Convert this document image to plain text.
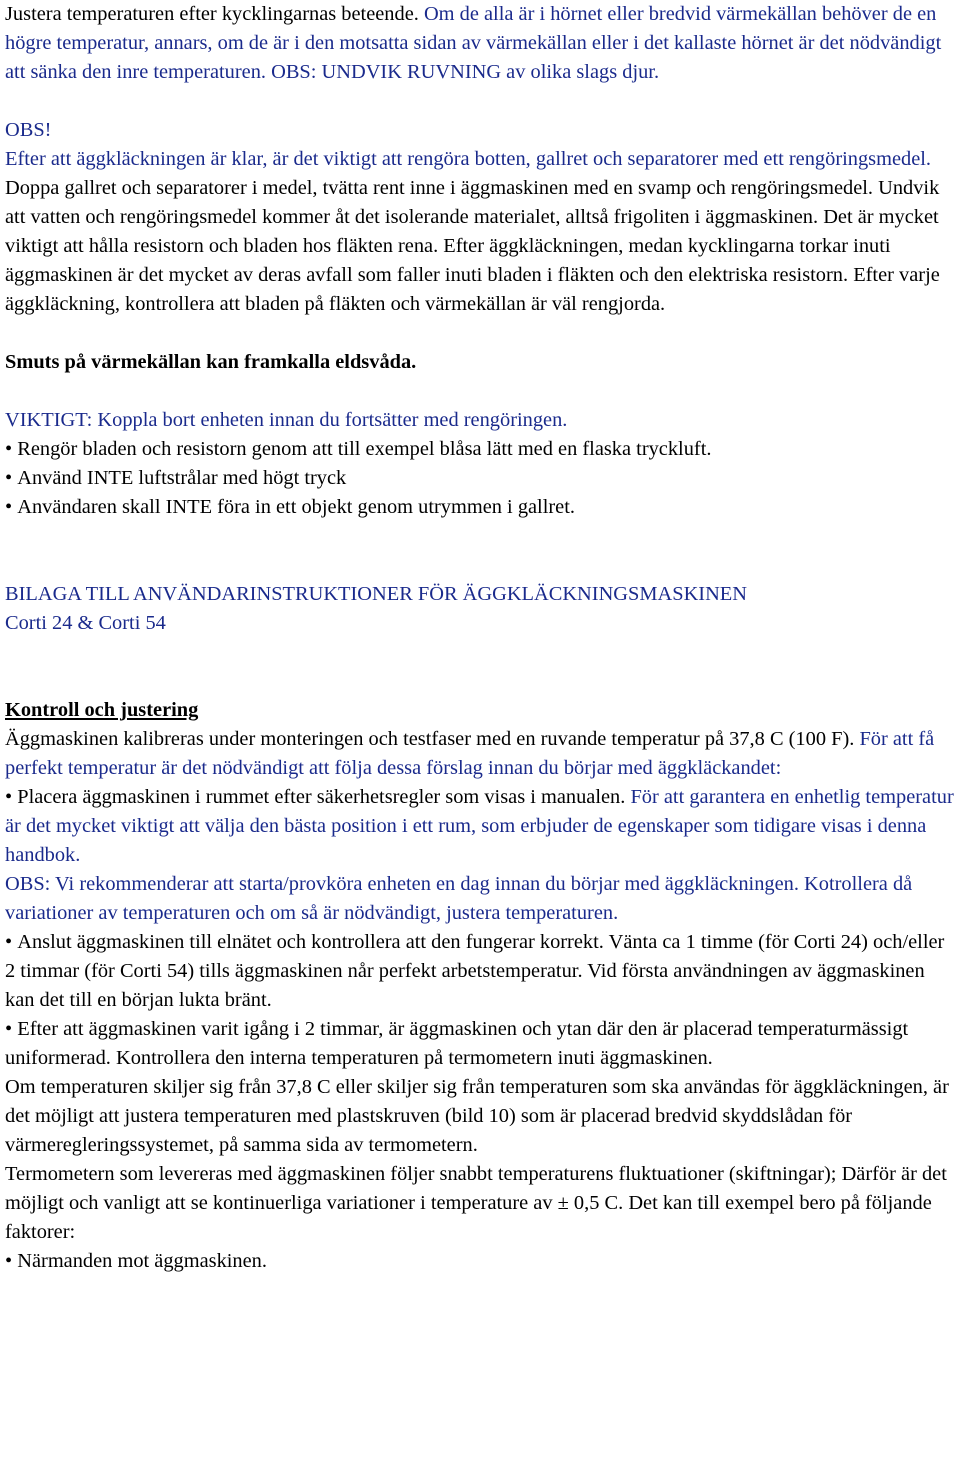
Justera temperaturen efter kycklingarnas beteende. Om de alla är i hörnet eller bredvid värmekällan behöver de en högre temperatur, annars, om de är i den motsatta sidan av värmekällan eller i det kallaste hörnet är det nödvändigt att sänka den inre temperaturen. OBS: UNDVIK RUVNING av olika slags djur.

OBS!

Efter att äggkläckningen är klar, är det viktigt att rengöra botten, gallret och separatorer med ett rengöringsmedel. Doppa gallret och separatorer i medel, tvätta rent inne i äggmaskinen med en svamp och rengöringsmedel. Undvik att vatten och rengöringsmedel kommer åt det isolerande materialet, alltså frigoliten i äggmaskinen. Det är mycket viktigt att hålla resistorn och bladen hos fläkten rena. Efter äggkläckningen, medan kycklingarna torkar inuti äggmaskinen är det mycket av deras avfall som faller inuti bladen i fläkten och den elektriska resistorn. Efter varje äggkläckning, kontrollera att bladen på fläkten och värmekällan är väl rengjorda.

Smuts på värmekällan kan framkalla eldsvåda.

VIKTIGT: Koppla bort enheten innan du fortsätter med rengöringen.

• Rengör bladen och resistorn genom att till exempel blåsa lätt med en flaska tryckluft.

• Använd INTE luftstrålar med högt tryck

• Användaren skall INTE föra in ett objekt genom utrymmen i gallret.

BILAGA TILL ANVÄNDARINSTRUKTIONER FÖR ÄGGKLÄCKNINGSMASKINEN

Corti 24 & Corti 54

Kontroll och justering

Äggmaskinen kalibreras under monteringen och testfaser med en ruvande temperatur på 37,8 C (100 F). För att få perfekt temperatur är det nödvändigt att följa dessa förslag innan du börjar med äggkläckandet:

• Placera äggmaskinen i rummet efter säkerhetsregler som visas i manualen. För att garantera en enhetlig temperatur är det mycket viktigt att välja den bästa position i ett rum, som erbjuder de egenskaper som tidigare visas i denna handbok.

OBS: Vi rekommenderar att starta/provköra enheten en dag innan du börjar med äggkläckningen. Kotrollera då variationer av temperaturen och om så är nödvändigt, justera temperaturen.

• Anslut äggmaskinen till elnätet och kontrollera att den fungerar korrekt. Vänta ca 1 timme (för Corti 24) och/eller 2 timmar (för Corti 54) tills äggmaskinen når perfekt arbetstemperatur. Vid första användningen av äggmaskinen kan det till en början lukta bränt.

• Efter att äggmaskinen varit igång i 2 timmar, är äggmaskinen och ytan där den är placerad temperaturmässigt uniformerad. Kontrollera den interna temperaturen på termometern inuti äggmaskinen.

Om temperaturen skiljer sig från 37,8 C eller skiljer sig från temperaturen som ska användas för äggkläckningen, är det möjligt att justera temperaturen med plastskruven (bild 10) som är placerad bredvid skyddslådan för värmeregleringssystemet, på samma sida av termometern.

Termometern som levereras med äggmaskinen följer snabbt temperaturens fluktuationer (skiftningar); Därför är det möjligt och vanligt att se kontinuerliga variationer i temperature av ± 0,5 C. Det kan till exempel bero på följande faktorer:

• Närmanden mot äggmaskinen.
